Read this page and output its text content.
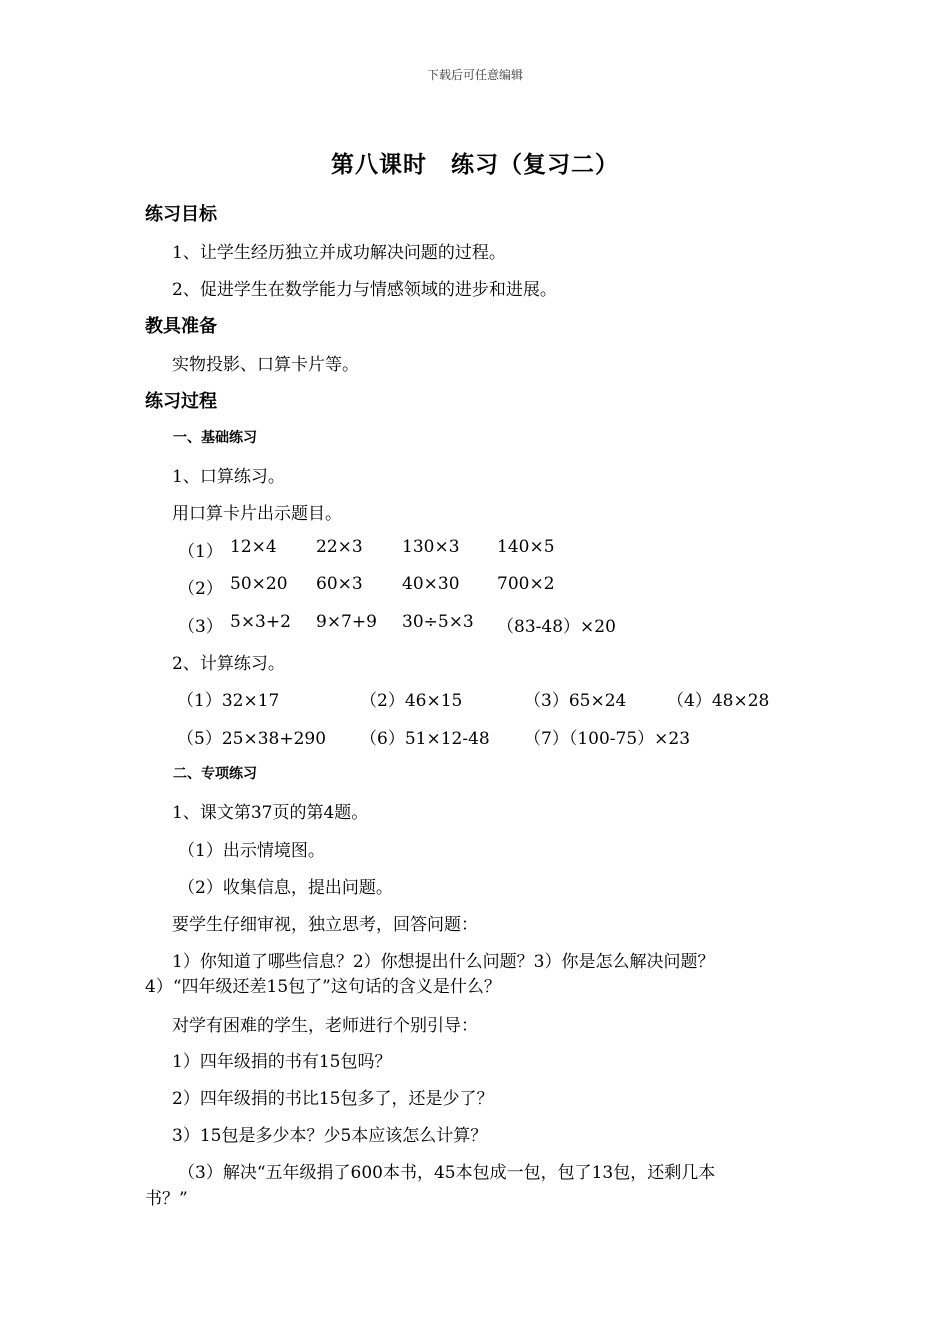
下载后可任意编辑
第八课时　练习（复习二）
练习目标
1、让学生经历独立并成功解决问题的过程。
2、促进学生在数学能力与情感领域的进步和进展。
教具准备
实物投影、口算卡片等。
练习过程
一、基础练习
1、口算练习。
用口算卡片出示题目。
（1） 12×4 22×3 130×3 140×5
（2） 50×20 60×3 40×30 700×2
（3） 5×3+2 9×7+9 30÷5×3 （83-48）×20
2、计算练习。
（1）32×17	（2）46×15	（3）65×24 （4）48×28
（5）25×38+290 （6）51×12-48 （7）（100-75）×23
二、专项练习
1、课文第37页的第4题。
（1）出示情境图。
（2）收集信息，提出问题。
要学生仔细审视，独立思考，回答问题：
1）你知道了哪些信息？2）你想提出什么问题？3）你是怎么解决问题？
4）“四年级还差15包了”这句话的含义是什么？
对学有困难的学生，老师进行个别引导：
1）四年级捐的书有15包吗？
2）四年级捐的书比15包多了，还是少了？
3）15包是多少本？少5本应该怎么计算？
（3）解决“五年级捐了600本书，45本包成一包，包了13包，还剩几本
书？”
